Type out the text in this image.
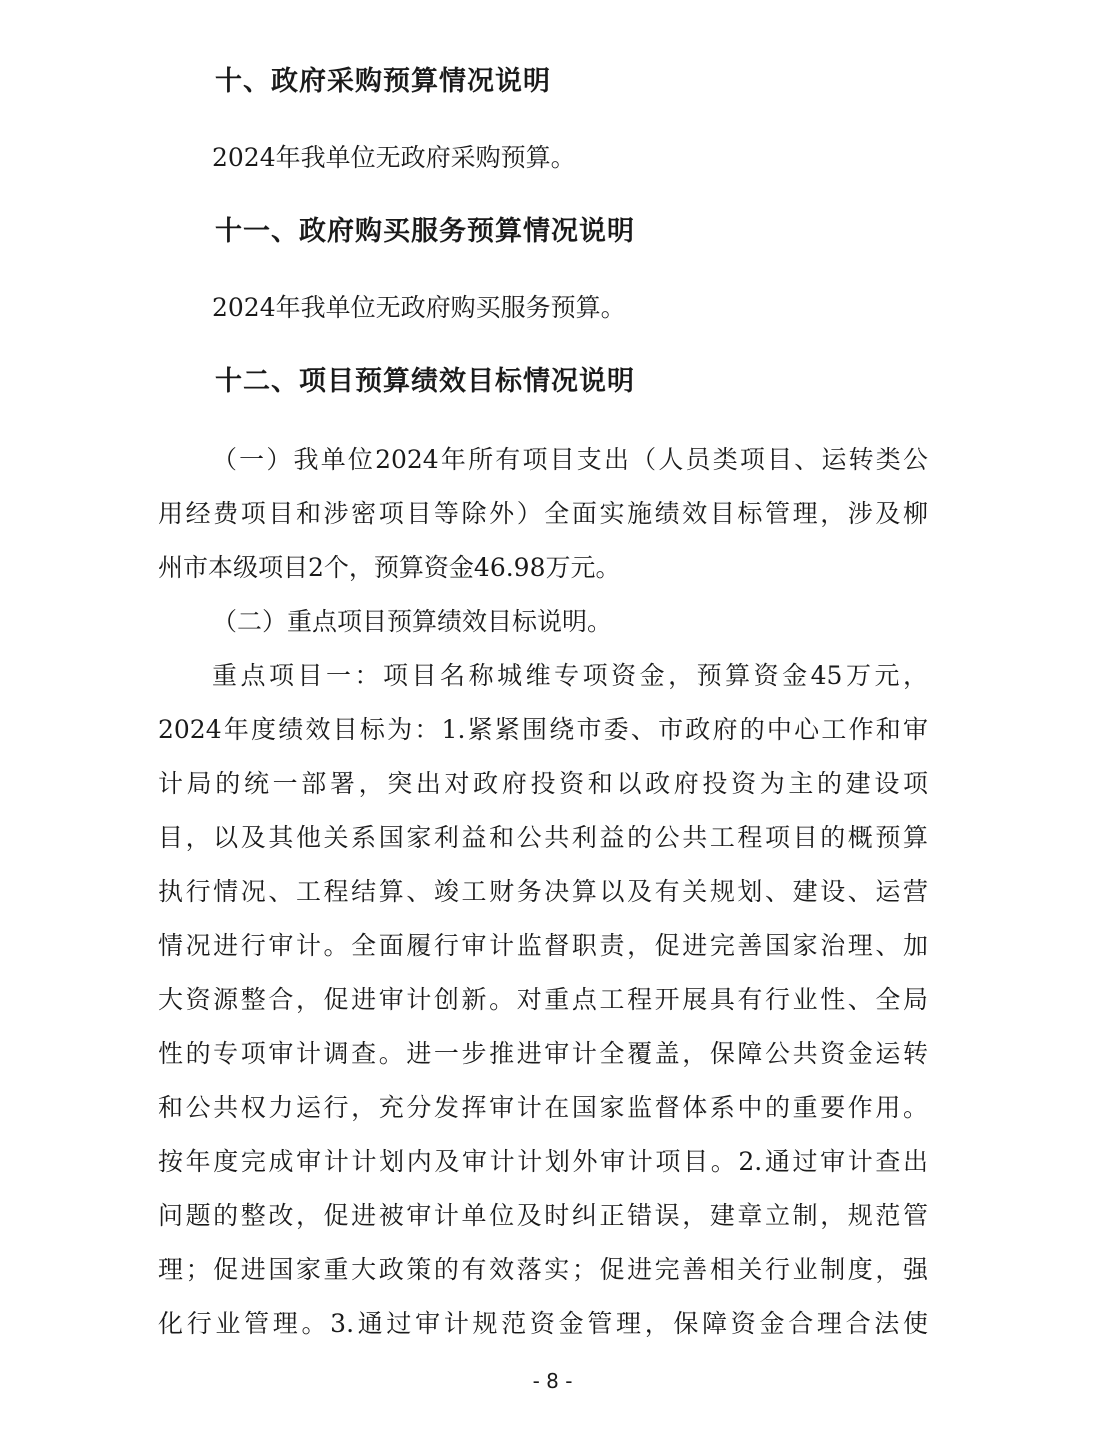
十、政府采购预算情况说明
2024年我单位无政府采购预算。
十一、政府购买服务预算情况说明
2024年我单位无政府购买服务预算。
十二、项目预算绩效目标情况说明
（一）我单位2024年所有项目支出（人员类项目、运转类公
用经费项目和涉密项目等除外）全面实施绩效目标管理，涉及柳
州市本级项目2个，预算资金46.98万元。
（二）重点项目预算绩效目标说明。
重点项目一：项目名称城维专项资金，预算资金45万元，
2024年度绩效目标为：1.紧紧围绕市委、市政府的中心工作和审
计局的统一部署，突出对政府投资和以政府投资为主的建设项
目，以及其他关系国家利益和公共利益的公共工程项目的概预算
执行情况、工程结算、竣工财务决算以及有关规划、建设、运营
情况进行审计。全面履行审计监督职责，促进完善国家治理、加
大资源整合，促进审计创新。对重点工程开展具有行业性、全局
性的专项审计调查。进一步推进审计全覆盖，保障公共资金运转
和公共权力运行，充分发挥审计在国家监督体系中的重要作用。
按年度完成审计计划内及审计计划外审计项目。2.通过审计查出
问题的整改，促进被审计单位及时纠正错误，建章立制，规范管
理；促进国家重大政策的有效落实；促进完善相关行业制度，强
化行业管理。3.通过审计规范资金管理，保障资金合理合法使
- 8 -
